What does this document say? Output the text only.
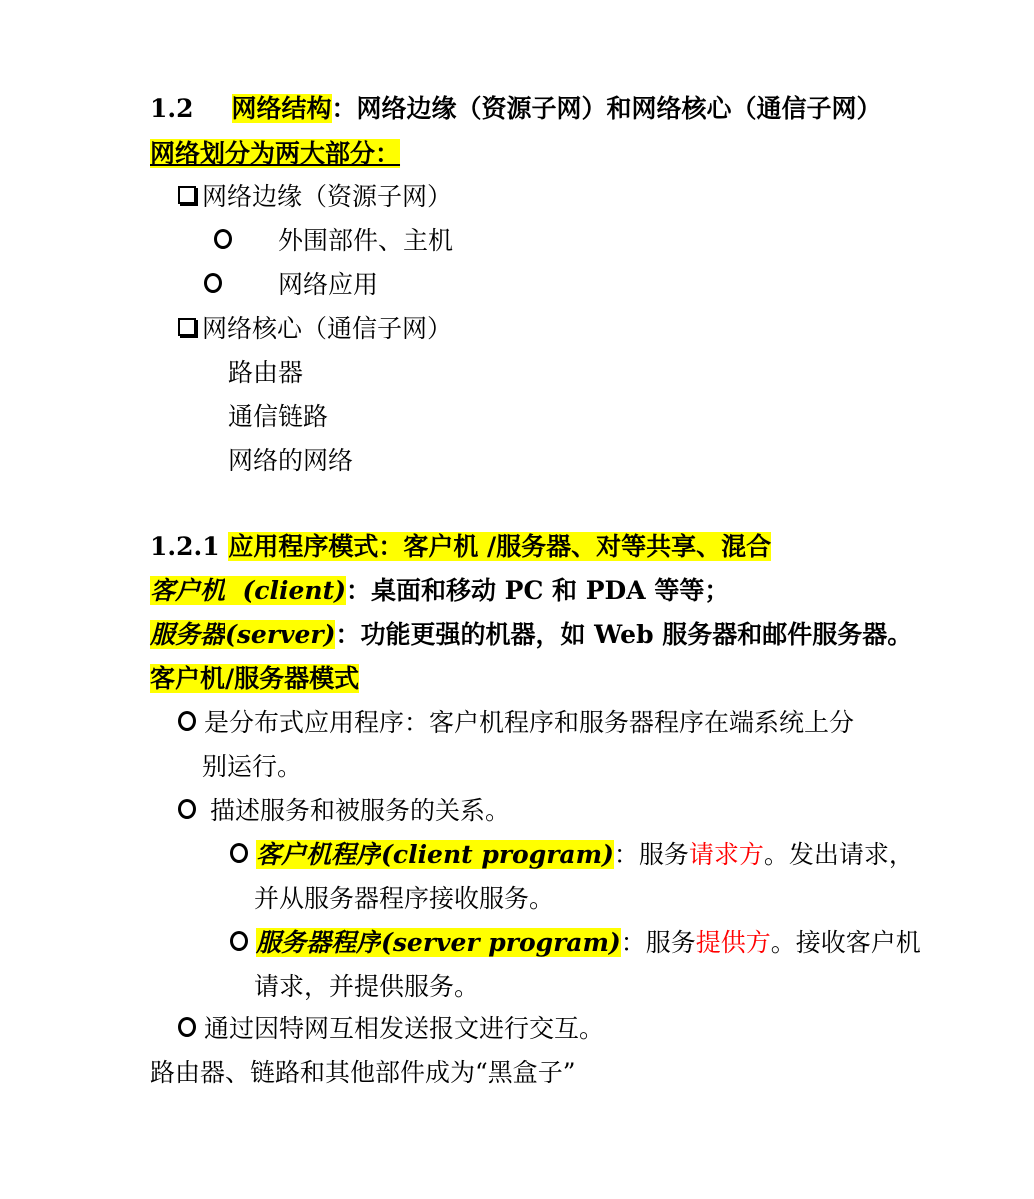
1.2 网络结构：网络边缘（资源子网）和网络核心（通信子网）
网络划分为两大部分：
网络边缘（资源子网）
外围部件、主机
网络应用
网络核心（通信子网）
路由器
通信链路
网络的网络
1.2.1 应用程序模式：客户机 /服务器、对等共享、混合
客户机 (client)：桌面和移动 PC 和 PDA 等等；
服务器(server)：功能更强的机器，如 Web 服务器和邮件服务器。
客户机/服务器模式
是分布式应用程序：客户机程序和服务器程序在端系统上分
别运行。
描述服务和被服务的关系。
客户机程序(client program)：服务请求方。发出请求，
并从服务器程序接收服务。
服务器程序(server program)：服务提供方。接收客户机
请求，并提供服务。
通过因特网互相发送报文进行交互。
路由器、链路和其他部件成为“黑盒子”
